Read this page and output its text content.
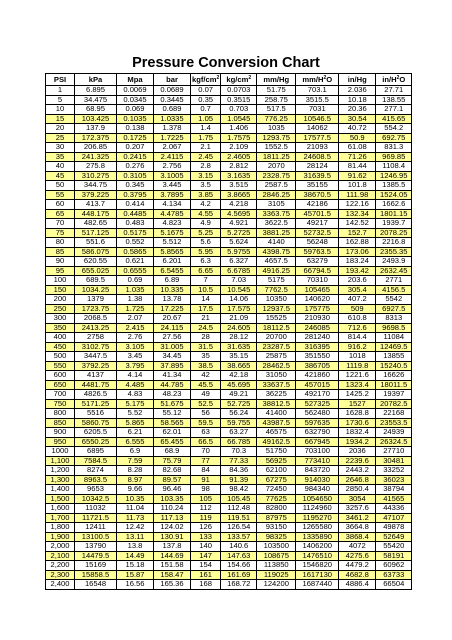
Pressure Conversion Chart
PSI	kPa	Mpa	bar	kgf/$cm^2$	$kg/cm^2$	mm/Hg	$mm/H^2O$	in/Hg	$in/H^2O$
1	6.895	0.0069	0.0689	0.07	0.0703	51.75	703.1	2.036	27.71
5	34.475	0.0345	0.3445	0.35	0.3515	258.75	3515.5	10.18	138.55
10	68.95	0.069	0.689	0.7	0.703	517.5	7031	20.36	277.1
15	103.425	0.1035	1.0335	1.05	1.0545	776.25	10546.5	30.54	415.65
20	137.9	0.138	1.378	1.4	1.406	1035	14062	40.72	554.2
25	172.375	0.1725	1.7225	1.75	1.7575	1293.75	17577.5	50.9	692.75
30	206.85	0.207	2.067	2.1	2.109	1552.5	21093	61.08	831.3
35	241.325	0.2415	2.4115	2.45	2.4605	1811.25	24608.5	71.26	969.85
40	275.8	0.276	2.756	2.8	2.812	2070	28124	81.44	1108.4
45	310.275	0.3105	3.1005	3.15	3.1635	2328.75	31639.5	91.62	1246.95
50	344.75	0.345	3.445	3.5	3.515	2587.5	35155	101.8	1385.5
55	379.225	0.3795	3.7895	3.85	3.8665	2846.25	38670.5	111.98	1524.05
60	413.7	0.414	4.134	4.2	4.218	3105	42186	122.16	1662.6
65	448.175	0.4485	4.4785	4.55	4.5695	3363.75	45701.5	132.34	1801.15
70	482.65	0.483	4.823	4.9	4.921	3622.5	49217	142.52	1939.7
75	517.125	0.5175	5.1675	5.25	5.2725	3881.25	52732.5	152.7	2078.25
80	551.6	0.552	5.512	5.6	5.624	4140	56248	162.88	2216.8
85	586.075	0.5865	5.8565	5.95	5.9755	4398.75	59763.5	173.06	2355.35
90	620.55	0.621	6.201	6.3	6.327	4657.5	63279	183.24	2493.9
95	655.025	0.6555	6.5455	6.65	6.6785	4916.25	66794.5	193.42	2632.45
100	689.5	0.69	6.89	7	7.03	5175	70310	203.6	2771
150	1034.25	1.035	10.335	10.5	10.545	7762.5	105465	305.4	4156.5
200	1379	1.38	13.78	14	14.06	10350	140620	407.2	5542
250	1723.75	1.725	17.225	17.5	17.575	12937.5	175775	509	6927.5
300	2068.5	2.07	20.67	21	21.09	15525	210930	610.8	8313
350	2413.25	2.415	24.115	24.5	24.605	18112.5	246085	712.6	9698.5
400	2758	2.76	27.56	28	28.12	20700	281240	814.4	11084
450	3102.75	3.105	31.005	31.5	31.635	23287.5	316395	916.2	12469.5
500	3447.5	3.45	34.45	35	35.15	25875	351550	1018	13855
550	3792.25	3.795	37.895	38.5	38.665	28462.5	386705	1119.8	15240.5
600	4137	4.14	41.34	42	42.18	31050	421860	1221.6	16626
650	4481.75	4.485	44.785	45.5	45.695	33637.5	457015	1323.4	18011.5
700	4826.5	4.83	48.23	49	49.21	36225	492170	1425.2	19397
750	5171.25	5.175	51.675	52.5	52.725	38812.5	527325	1527	20782.5
800	5516	5.52	55.12	56	56.24	41400	562480	1628.8	22168
850	5860.75	5.865	58.565	59.5	59.755	43987.5	597635	1730.6	23553.5
900	6205.5	6.21	62.01	63	63.27	46575	632790	1832.4	24939
950	6550.25	6.555	65.455	66.5	66.785	49162.5	667945	1934.2	26324.5
1000	6895	6.9	68.9	70	70.3	51750	703100	2036	27710
1,100	7584.5	7.59	75.79	77	77.33	56925	773410	2239.6	30481
1,200	8274	8.28	82.68	84	84.36	62100	843720	2443.2	33252
1,300	8963.5	8.97	89.57	91	91.39	67275	914030	2646.8	36023
1,400	9653	9.66	96.46	98	98.42	72450	984340	2850.4	38794
1,500	10342.5	10.35	103.35	105	105.45	77625	1054650	3054	41565
1,600	11032	11.04	110.24	112	112.48	82800	1124960	3257.6	44336
1,700	11721.5	11.73	117.13	119	119.51	87975	1195270	3461.2	47107
1,800	12411	12.42	124.02	126	126.54	93150	1265580	3664.8	49878
1,900	13100.5	13.11	130.91	133	133.57	98325	1335890	3868.4	52649
2,000	13790	13.8	137.8	140	140.6	103500	1406200	4072	55420
2,100	14479.5	14.49	144.69	147	147.63	108675	1476510	4275.6	58191
2,200	15169	15.18	151.58	154	154.66	113850	1546820	4479.2	60962
2,300	15858.5	15.87	158.47	161	161.69	119025	1617130	4682.8	63733
2,400	16548	16.56	165.36	168	168.72	124200	1687440	4886.4	66504
